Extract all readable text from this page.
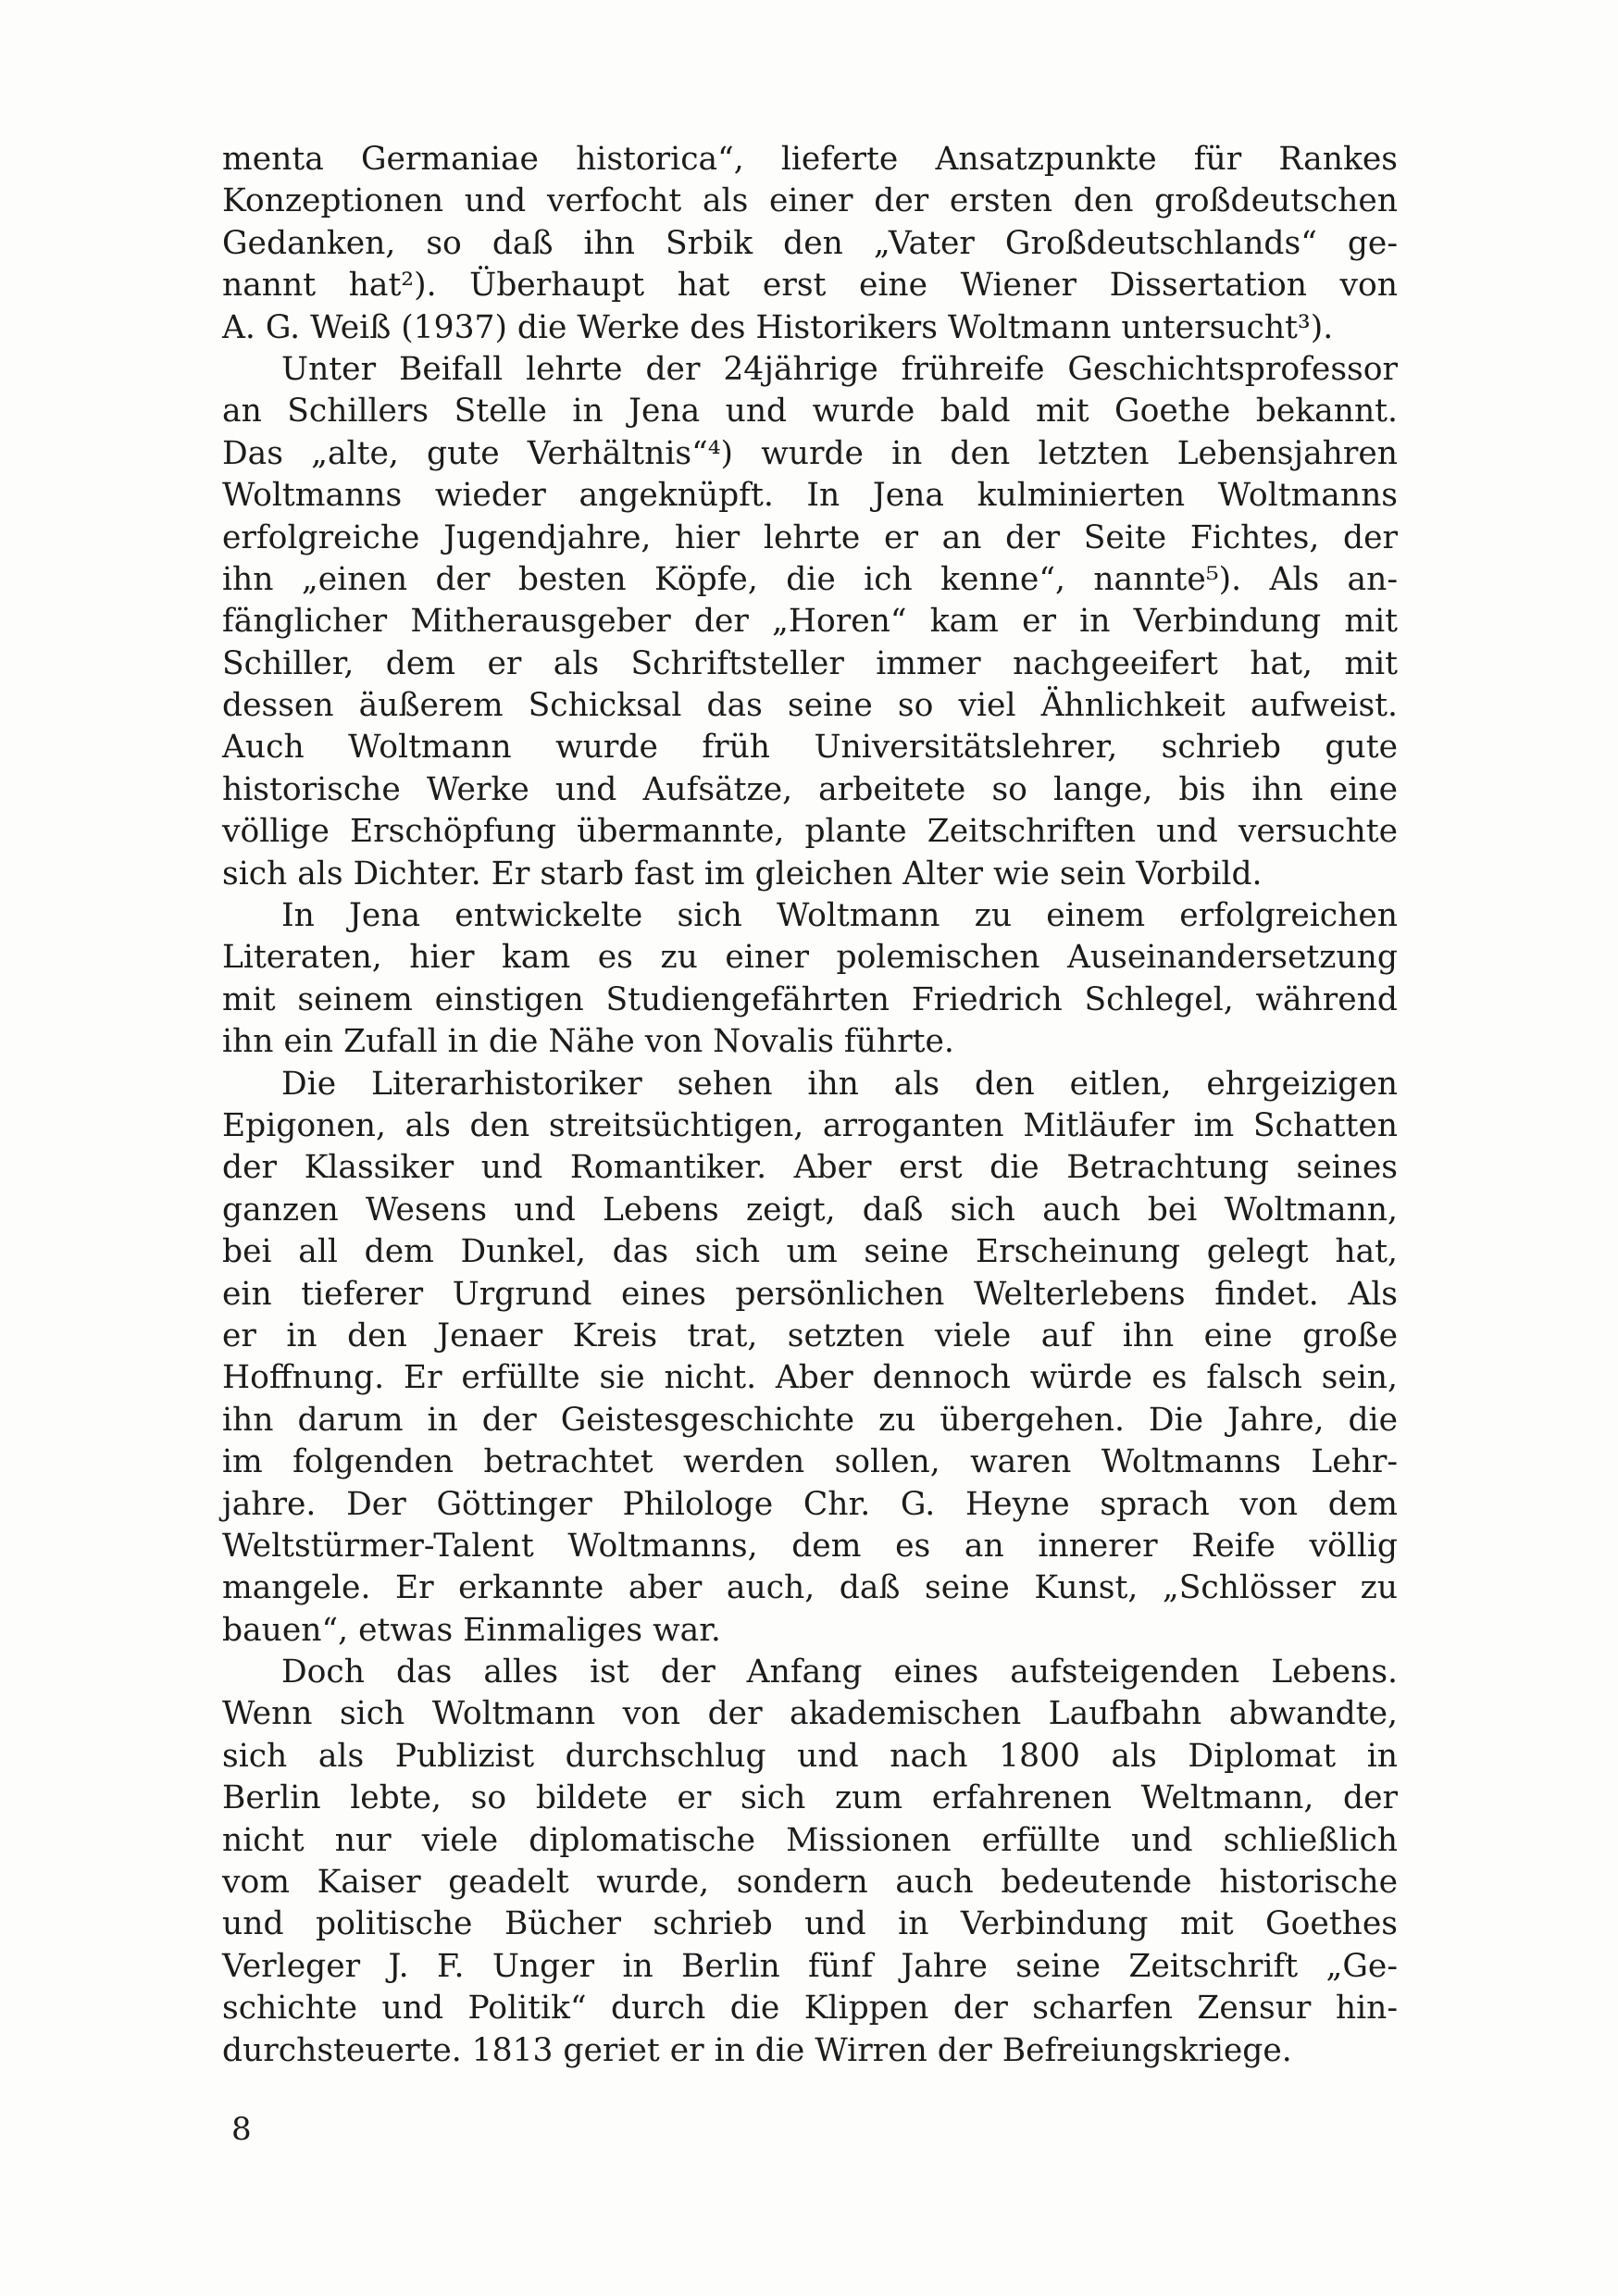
menta Germaniae historica“, lieferte Ansatzpunkte für Rankes
Konzeptionen und verfocht als einer der ersten den großdeutschen
Gedanken, so daß ihn Srbik den „Vater Großdeutschlands“ ge-
nannt hat²). Überhaupt hat erst eine Wiener Dissertation von
A. G. Weiß (1937) die Werke des Historikers Woltmann untersucht³).
Unter Beifall lehrte der 24jährige frühreife Geschichtsprofessor
an Schillers Stelle in Jena und wurde bald mit Goethe bekannt.
Das „alte, gute Verhältnis“⁴) wurde in den letzten Lebensjahren
Woltmanns wieder angeknüpft. In Jena kulminierten Woltmanns
erfolgreiche Jugendjahre, hier lehrte er an der Seite Fichtes, der
ihn „einen der besten Köpfe, die ich kenne“, nannte⁵). Als an-
fänglicher Mitherausgeber der „Horen“ kam er in Verbindung mit
Schiller, dem er als Schriftsteller immer nachgeeifert hat, mit
dessen äußerem Schicksal das seine so viel Ähnlichkeit aufweist.
Auch Woltmann wurde früh Universitätslehrer, schrieb gute
historische Werke und Aufsätze, arbeitete so lange, bis ihn eine
völlige Erschöpfung übermannte, plante Zeitschriften und versuchte
sich als Dichter. Er starb fast im gleichen Alter wie sein Vorbild.
In Jena entwickelte sich Woltmann zu einem erfolgreichen
Literaten, hier kam es zu einer polemischen Auseinandersetzung
mit seinem einstigen Studiengefährten Friedrich Schlegel, während
ihn ein Zufall in die Nähe von Novalis führte.
Die Literarhistoriker sehen ihn als den eitlen, ehrgeizigen
Epigonen, als den streitsüchtigen, arroganten Mitläufer im Schatten
der Klassiker und Romantiker. Aber erst die Betrachtung seines
ganzen Wesens und Lebens zeigt, daß sich auch bei Woltmann,
bei all dem Dunkel, das sich um seine Erscheinung gelegt hat,
ein tieferer Urgrund eines persönlichen Welterlebens findet. Als
er in den Jenaer Kreis trat, setzten viele auf ihn eine große
Hoffnung. Er erfüllte sie nicht. Aber dennoch würde es falsch sein,
ihn darum in der Geistesgeschichte zu übergehen. Die Jahre, die
im folgenden betrachtet werden sollen, waren Woltmanns Lehr-
jahre. Der Göttinger Philologe Chr. G. Heyne sprach von dem
Weltstürmer-Talent Woltmanns, dem es an innerer Reife völlig
mangele. Er erkannte aber auch, daß seine Kunst, „Schlösser zu
bauen“, etwas Einmaliges war.
Doch das alles ist der Anfang eines aufsteigenden Lebens.
Wenn sich Woltmann von der akademischen Laufbahn abwandte,
sich als Publizist durchschlug und nach 1800 als Diplomat in
Berlin lebte, so bildete er sich zum erfahrenen Weltmann, der
nicht nur viele diplomatische Missionen erfüllte und schließlich
vom Kaiser geadelt wurde, sondern auch bedeutende historische
und politische Bücher schrieb und in Verbindung mit Goethes
Verleger J. F. Unger in Berlin fünf Jahre seine Zeitschrift „Ge-
schichte und Politik“ durch die Klippen der scharfen Zensur hin-
durchsteuerte. 1813 geriet er in die Wirren der Befreiungskriege.
8
